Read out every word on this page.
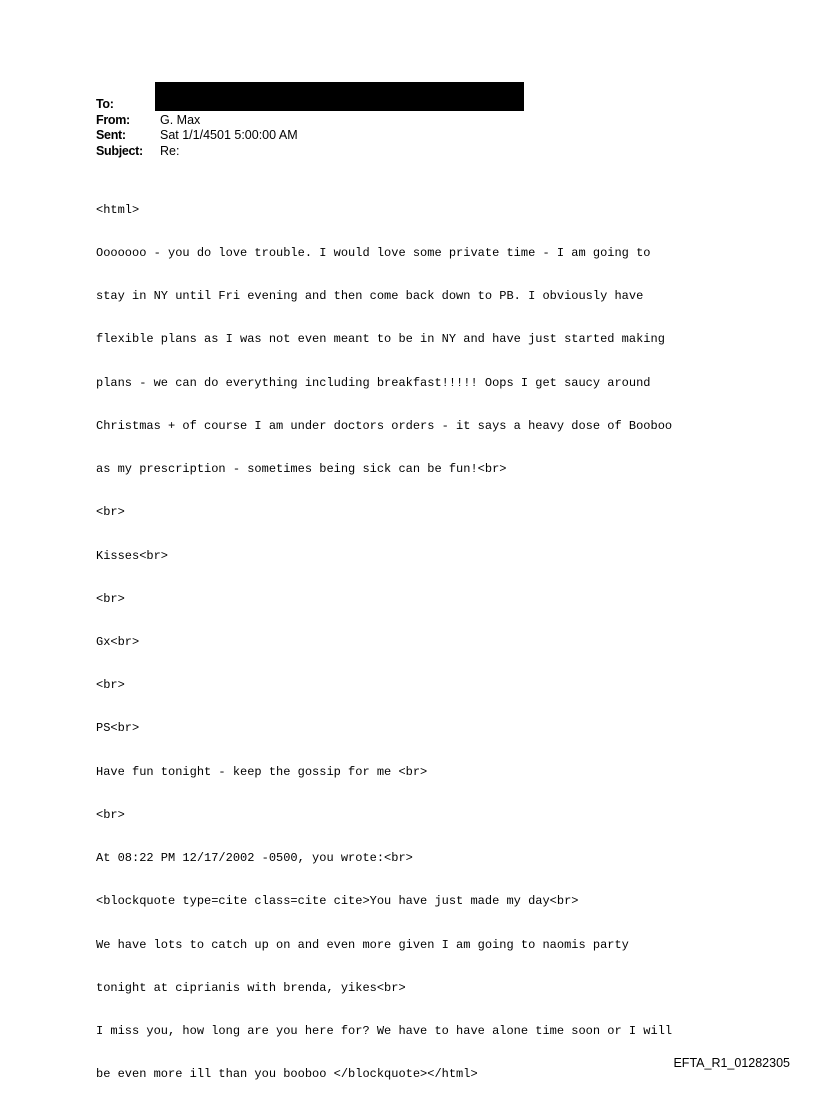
To:
From:	G. Max
Sent:	Sat 1/1/4501 5:00:00 AM
Subject:	Re:

<html>

Ooooooo - you do love trouble. I would love some private time - I am going to

stay in NY until Fri evening and then come back down to PB. I obviously have

flexible plans as I was not even meant to be in NY and have just started making

plans - we can do everything including breakfast!!!!! Oops I get saucy around

Christmas + of course I am under doctors orders - it says a heavy dose of Booboo

as my prescription - sometimes being sick can be fun!<br>

<br>

Kisses<br>

<br>

Gx<br>

<br>

PS<br>

Have fun tonight - keep the gossip for me <br>

<br>

At 08:22 PM 12/17/2002 -0500, you wrote:<br>

<blockquote type=cite class=cite cite>You have just made my day<br>

We have lots to catch up on and even more given I am going to naomis party

tonight at ciprianis with brenda, yikes<br>

I miss you, how long are you here for? We have to have alone time soon or I will

be even more ill than you booboo </blockquote></html>

EFTA_R1_01282305
